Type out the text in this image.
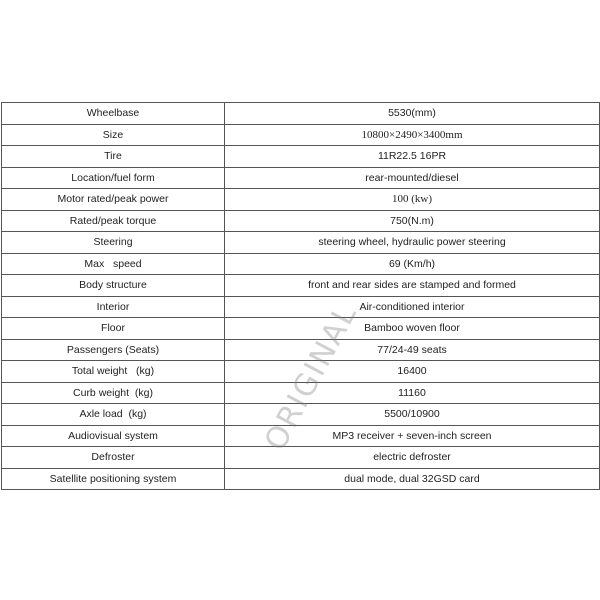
Wheelbase	5530(mm)
Size	10800×2490×3400mm
Tire	11R22.5 16PR
Location/fuel form	rear-mounted/diesel
Motor rated/peak power	100 (kw)
Rated/peak torque	750(N.m)
Steering	steering wheel, hydraulic power steering
Max   speed	69 (Km/h)
Body structure	front and rear sides are stamped and formed
Interior	Air-conditioned interior
Floor	Bamboo woven floor
Passengers (Seats)	77/24-49 seats
Total weight   (kg)	16400
Curb weight  (kg)	11160
Axle load  (kg)	5500/10900
Audiovisual system	MP3 receiver + seven-inch screen
Defroster	electric defroster
Satellite positioning system	dual mode, dual 32GSD card
ORIGINAL
